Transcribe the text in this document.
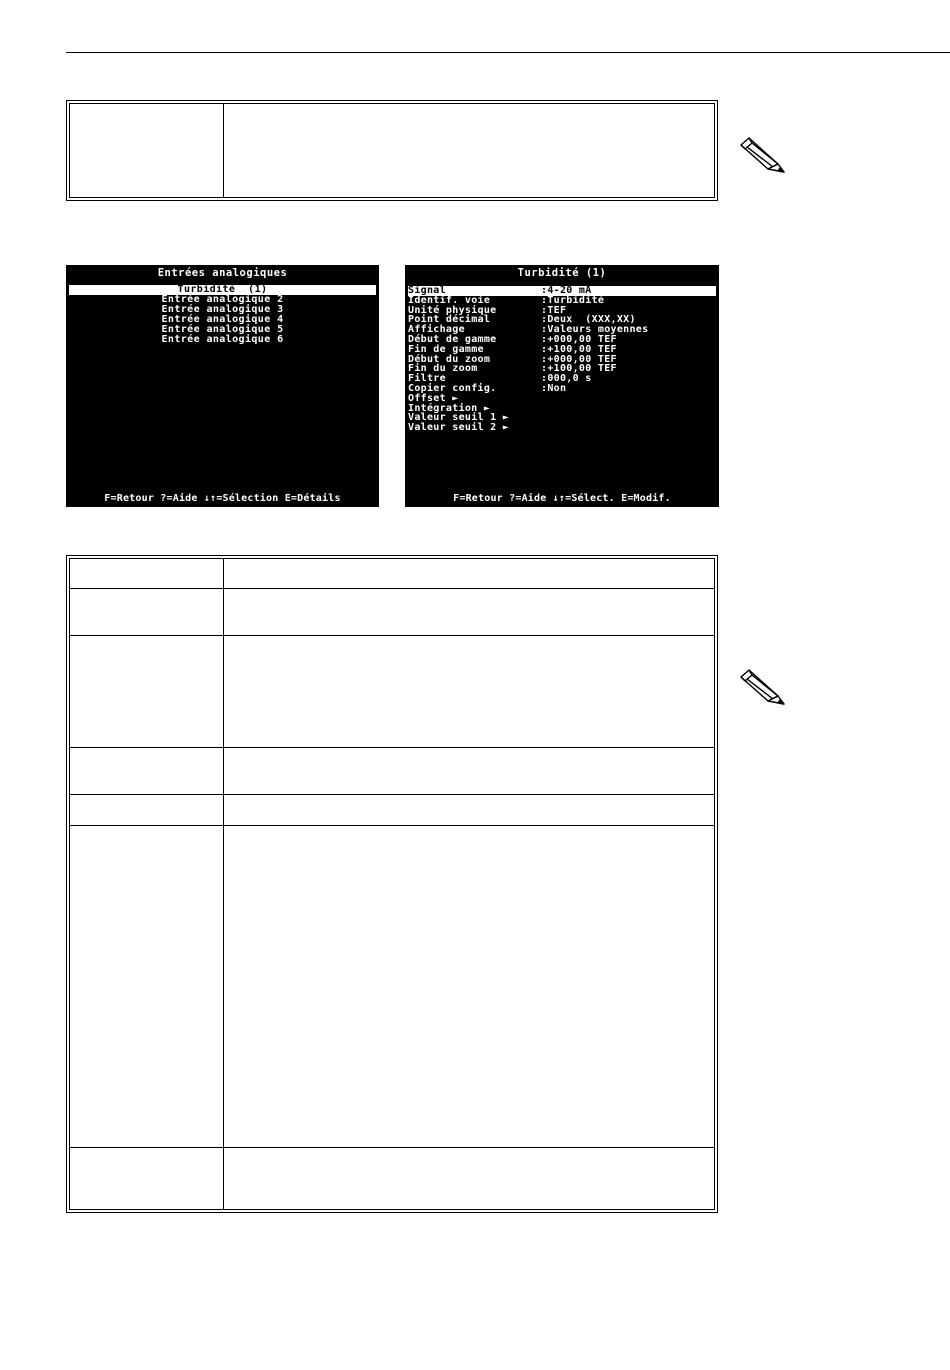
Entrées analogiques
Turbidité  (1)
Entrée analogique 2
Entrée analogique 3
Entrée analogique 4
Entrée analogique 5
Entrée analogique 6
F=Retour ?=Aide ↓↑=Sélection E=Détails
Turbidité (1)
Signal	:4-20 mA
Identif. voie	:Turbidité
Unité physique	:TEF
Point décimal	:Deux  (XXX,XX)
Affichage	:Valeurs moyennes
Début de gamme	:+000,00 TEF
Fin de gamme	:+100,00 TEF
Début du zoom	:+000,00 TEF
Fin du zoom	:+100,00 TEF
Filtre	:000,0 s
Copier config.	:Non
Offset ►
Intégration ►
Valeur seuil 1 ►
Valeur seuil 2 ►
F=Retour ?=Aide ↓↑=Sélect. E=Modif.
